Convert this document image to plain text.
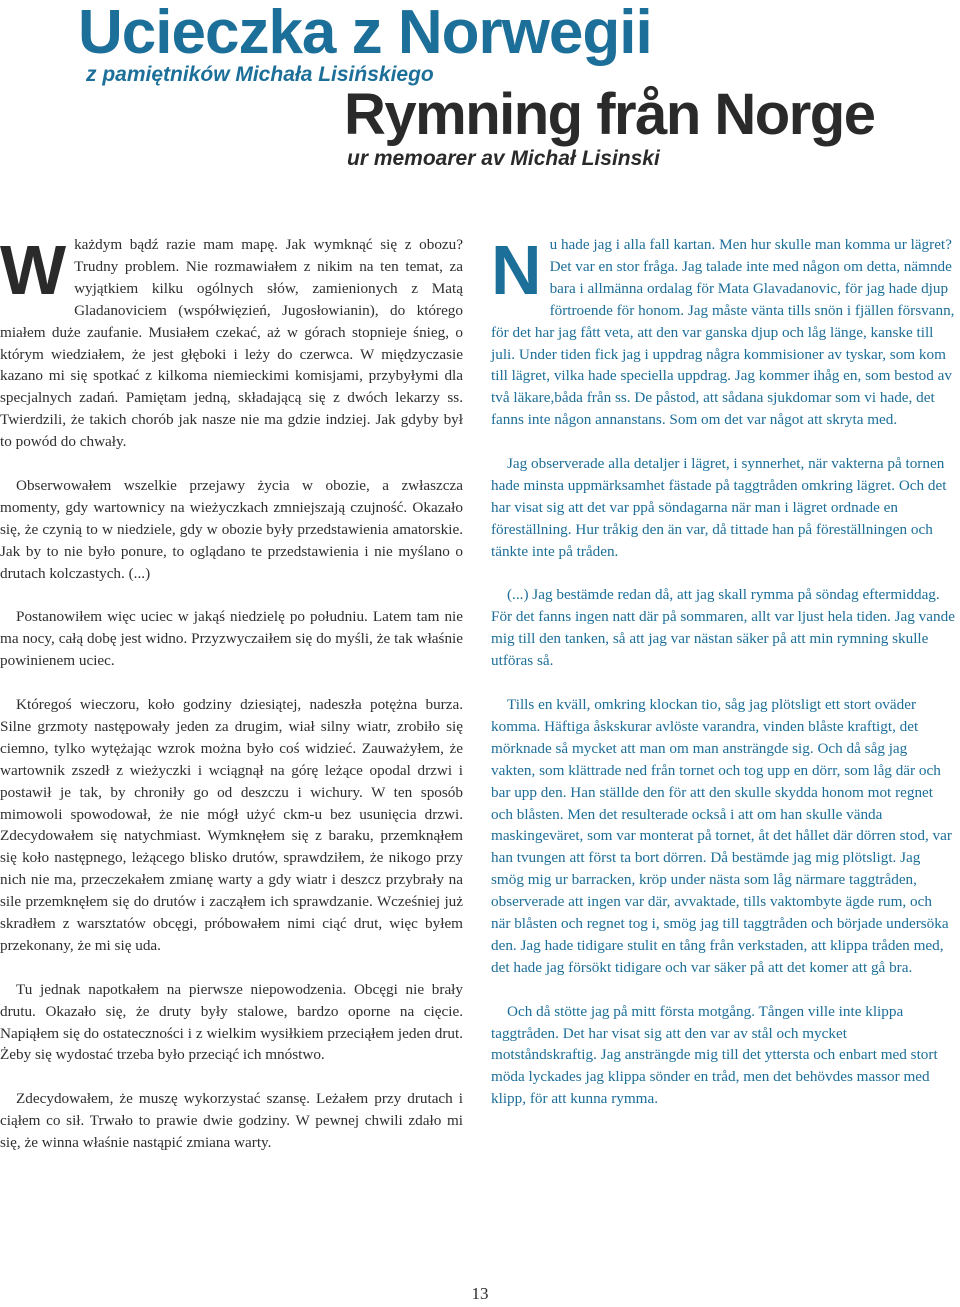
Ucieczka z Norwegii
z pamiętników Michała Lisińskiego
Rymning från Norge
ur memoarer av Michał Lisinski

Wkażdym bądź razie mam mapę. Jak wymknąć się z obozu? Trudny problem. Nie rozmawiałem z nikim na ten temat, za wyjątkiem kilku ogólnych słów, zamienionych z Matą Gladanoviciem (współwięzień, Jugosłowianin), do którego miałem duże zaufanie. Musiałem czekać, aż w górach stopnieje śnieg, o którym wiedziałem, że jest głęboki i leży do czerwca. W międzyczasie kazano mi się spotkać z kilkoma niemieckimi komisjami, przybyłymi dla specjalnych zadań. Pamiętam jedną, składającą się z dwóch lekarzy ss. Twierdzili, że takich chorób jak nasze nie ma gdzie indziej. Jak gdyby był to powód do chwały.

Obserwowałem wszelkie przejawy życia w obozie, a zwłaszcza momenty, gdy wartownicy na wieżyczkach zmniejszają czujność. Okazało się, że czynią to w niedziele, gdy w obozie były przedstawienia amatorskie. Jak by to nie było ponure, to oglądano te przedstawienia i nie myślano o drutach kolczastych. (...)

Postanowiłem więc uciec w jakąś niedzielę po południu. Latem tam nie ma nocy, całą dobę jest widno. Przyzwyczaiłem się do myśli, że tak właśnie powinienem uciec.

Któregoś wieczoru, koło godziny dziesiątej, nadeszła potężna burza. Silne grzmoty następowały jeden za drugim, wiał silny wiatr, zrobiło się ciemno, tylko wytężając wzrok można było coś widzieć. Zauważyłem, że wartownik zszedł z wieżyczki i wciągnął na górę leżące opodal drzwi i postawił je tak, by chroniły go od deszczu i wichury. W ten sposób mimowoli spowodował, że nie mógł użyć ckm-u bez usunięcia drzwi. Zdecydowałem się natychmiast. Wymknęłem się z baraku, przemknąłem się koło następnego, leżącego blisko drutów, sprawdziłem, że nikogo przy nich nie ma, przeczekałem zmianę warty a gdy wiatr i deszcz przybrały na sile przemknęłem się do drutów i zacząłem ich sprawdzanie. Wcześniej już skradłem z warsztatów obcęgi, próbowałem nimi ciąć drut, więc byłem przekonany, że mi się uda.

Tu jednak napotkałem na pierwsze niepowodzenia. Obcęgi nie brały drutu. Okazało się, że druty były stalowe, bardzo oporne na cięcie. Napiąłem się do ostateczności i z wielkim wysiłkiem przeciąłem jeden drut. Żeby się wydostać trzeba było przeciąć ich mnóstwo.

Zdecydowałem, że muszę wykorzystać szansę. Leżałem przy drutach i ciąłem co sił. Trwało to prawie dwie godziny. W pewnej chwili zdało mi się, że winna właśnie nastąpić zmiana warty.

Nu hade jag i alla fall kartan. Men hur skulle man komma ur lägret? Det var en stor fråga. Jag talade inte med någon om detta, nämnde bara i allmänna ordalag för Mata Glavadanovic, för jag hade djup förtroende för honom. Jag måste vänta tills snön i fjällen försvann, för det har jag fått veta, att den var ganska djup och låg länge, kanske till juli. Under tiden fick jag i uppdrag några kommisioner av tyskar, som kom till lägret, vilka hade speciella uppdrag. Jag kommer ihåg en, som bestod av två läkare,båda från ss. De påstod, att sådana sjukdomar som vi hade, det fanns inte någon annanstans. Som om det var något att skryta med.

Jag observerade alla detaljer i lägret, i synnerhet, när vakterna på tornen hade minsta uppmärksamhet fästade på taggtråden omkring lägret. Och det har visat sig att det var ppå söndagarna när man i lägret ordnade en föreställning. Hur tråkig den än var, då tittade han på föreställningen och tänkte inte på tråden.

(...) Jag bestämde redan då, att jag skall rymma på söndag eftermiddag. För det fanns ingen natt där på sommaren, allt var ljust hela tiden. Jag vande mig till den tanken, så att jag var nästan säker på att min rymning skulle utföras så.

Tills en kväll, omkring klockan tio, såg jag plötsligt ett stort oväder komma. Häftiga åskskurar avlöste varandra, vinden blåste kraftigt, det mörknade så mycket att man om man ansträngde sig. Och då såg jag vakten, som klättrade ned från tornet och tog upp en dörr, som låg där och bar upp den. Han ställde den för att den skulle skydda honom mot regnet och blåsten. Men det resulterade också i att om han skulle vända maskingeväret, som var monterat på tornet, åt det hållet där dörren stod, var han tvungen att först ta bort dörren. Då bestämde jag mig plötsligt. Jag smög mig ur barracken, kröp under nästa som låg närmare taggtråden, observerade att ingen var där, avvaktade, tills vaktombyte ägde rum, och när blåsten och regnet tog i, smög jag till taggtråden och började undersöka den. Jag hade tidigare stulit en tång från verkstaden, att klippa tråden med, det hade jag försökt tidigare och var säker på att det komer att gå bra.

Och då stötte jag på mitt första motgång. Tången ville inte klippa taggtråden. Det har visat sig att den var av stål och mycket motståndskraftig. Jag ansträngde mig till det yttersta och enbart med stort möda lyckades jag klippa sönder en tråd, men det behövdes massor med klipp, för att kunna rymma.

13
